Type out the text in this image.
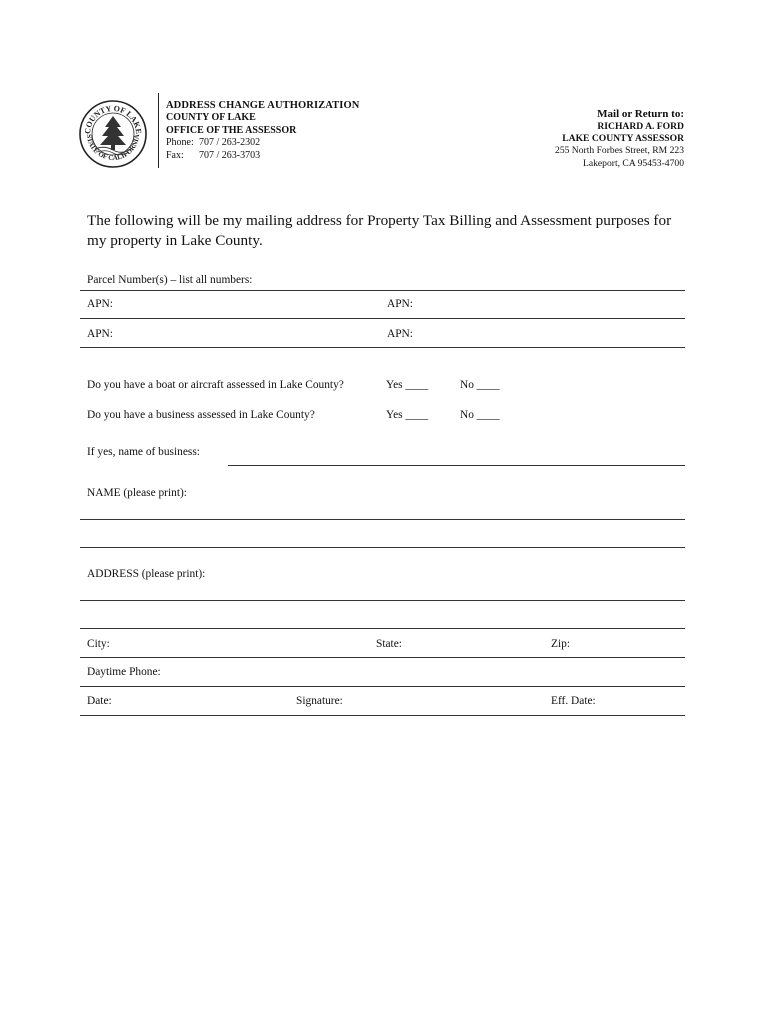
COUNTY OF LAKE
STATE OF CALIFORNIA
ADDRESS CHANGE AUTHORIZATION
COUNTY OF LAKE
OFFICE OF THE ASSESSOR
Phone: 707 / 263-2302
Fax: 707 / 263-3703
Mail or Return to:
RICHARD A. FORD
LAKE COUNTY ASSESSOR
255 North Forbes Street, RM 223
Lakeport, CA 95453-4700
The following will be my mailing address for Property Tax Billing and Assessment purposes for my property in Lake County.
Parcel Number(s) – list all numbers:
APN:	APN:
APN:	APN:
Do you have a boat or aircraft assessed in Lake County?	Yes ____	No ____
Do you have a business assessed in Lake County?	Yes ____	No ____
If yes, name of business:
NAME (please print):
ADDRESS (please print):
City:	State:	Zip:
Daytime Phone:
Date:	Signature:	Eff. Date:
